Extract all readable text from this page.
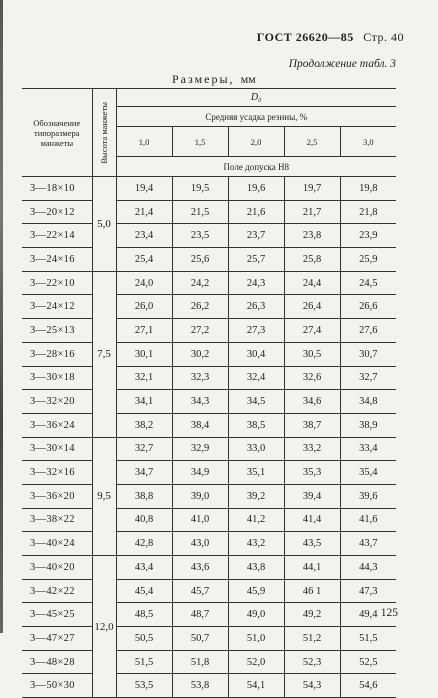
ГОСТ 26620—85 Стр. 40
Продолжение табл. 3
Размеры, мм
Обозначение типоразмера манжеты	Высота манжеты	D₀				
		Средняя усадка резины, %				
		1,0	1,5	2,0	2,5	3,0
		Поле допуска H8				
3—18×10	5,0	19,4	19,5	19,6	19,7	19,8
3—20×12		21,4	21,5	21,6	21,7	21,8
3—22×14		23,4	23,5	23,7	23,8	23,9
3—24×16		25,4	25,6	25,7	25,8	25,9
3—22×10	7,5	24,0	24,2	24,3	24,4	24,5
3—24×12		26,0	26,2	26,3	26,4	26,6
3—25×13		27,1	27,2	27,3	27,4	27,6
3—28×16		30,1	30,2	30,4	30,5	30,7
3—30×18		32,1	32,3	32,4	32,6	32,7
3—32×20		34,1	34,3	34,5	34,6	34,8
3—36×24		38,2	38,4	38,5	38,7	38,9
3—30×14	9,5	32,7	32,9	33,0	33,2	33,4
3—32×16		34,7	34,9	35,1	35,3	35,4
3—36×20		38,8	39,0	39,2	39,4	39,6
3—38×22		40,8	41,0	41,2	41,4	41,6
3—40×24		42,8	43,0	43,2	43,5	43,7
3—40×20	12,0	43,4	43,6	43,8	44,1	44,3
3—42×22		45,4	45,7	45,9	46 1	47,3
3—45×25		48,5	48,7	49,0	49,2	49,4
3—47×27		50,5	50,7	51,0	51,2	51,5
3—48×28		51,5	51,8	52,0	52,3	52,5
3—50×30		53,5	53,8	54,1	54,3	54,6
125
